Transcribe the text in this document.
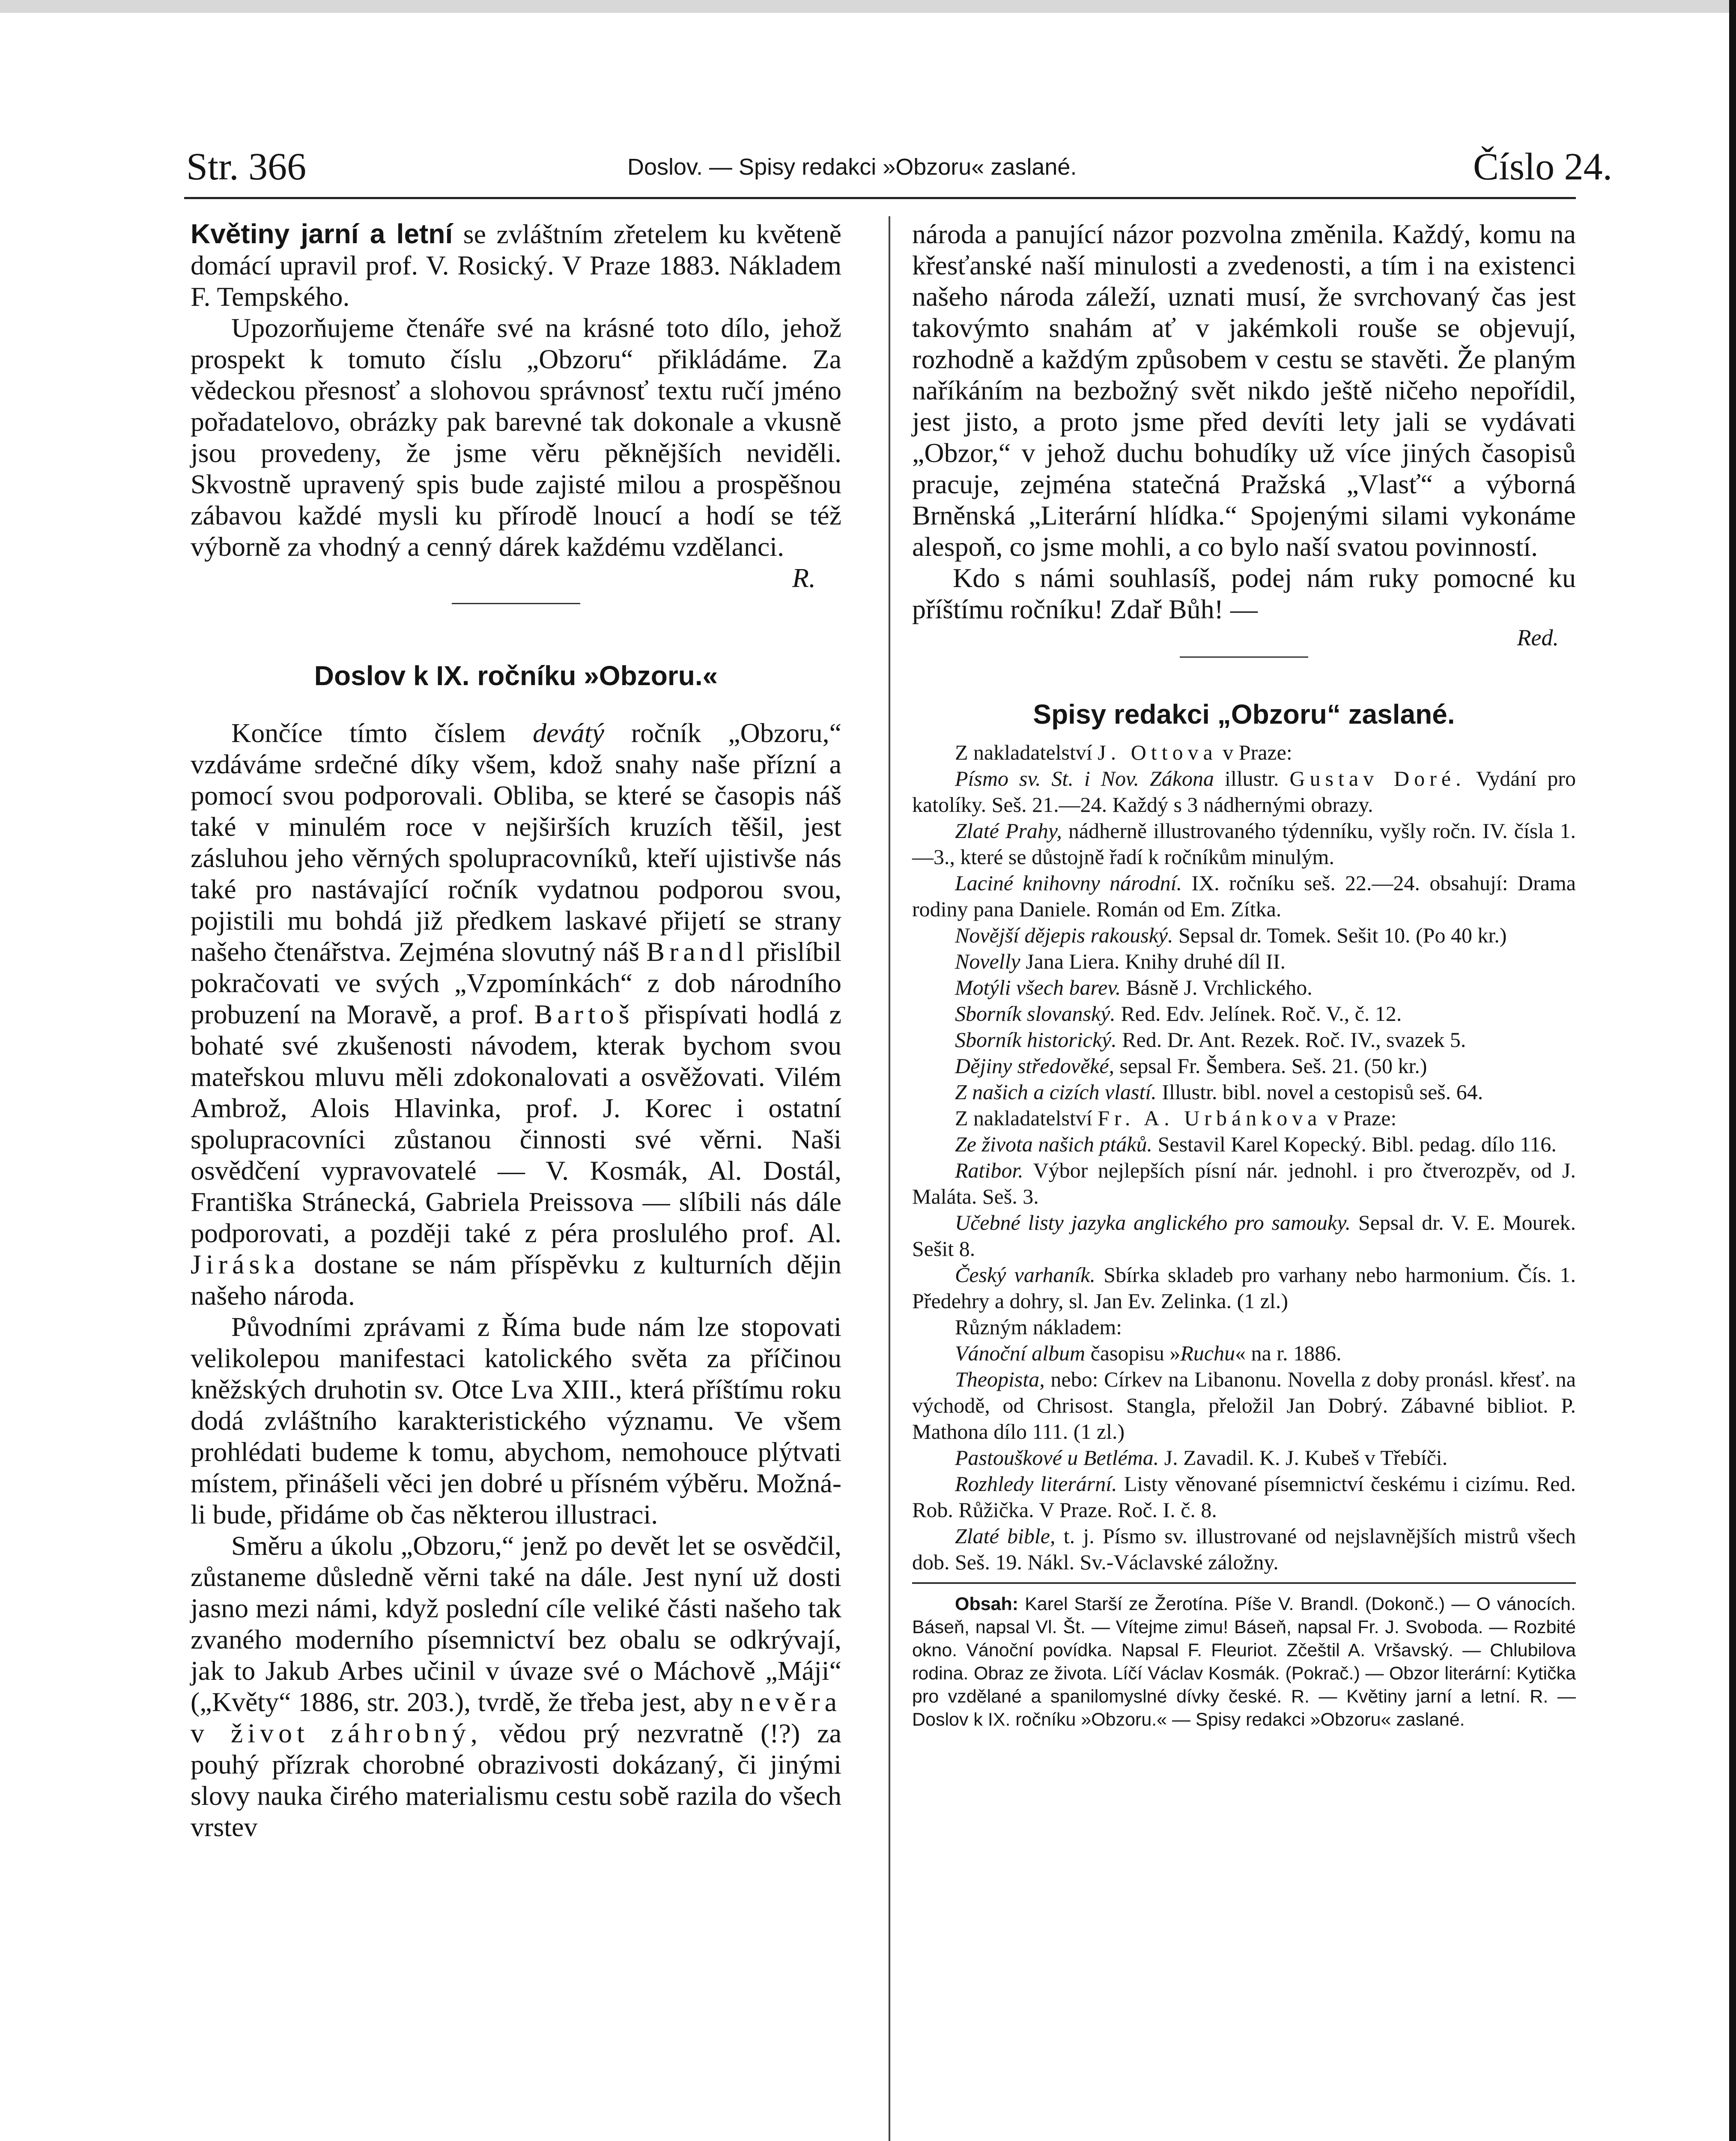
Str. 366	Doslov. — Spisy redakci »Obzoru« zaslané.	Číslo 24.

Květiny jarní a letní se zvláštním zřetelem ku květeně domácí upravil prof. V. Rosický. V Praze 1883. Nákladem F. Tempského.

Upozorňujeme čtenáře své na krásné toto dílo, jehož prospekt k tomuto číslu „Obzoru“ přikládáme. Za vědeckou přesnosť a slohovou správnosť textu ručí jméno pořadatelovo, obrázky pak barevné tak dokonale a vkusně jsou provedeny, že jsme věru pěknějších neviděli. Skvostně upravený spis bude zajisté milou a prospěšnou zábavou každé mysli ku přírodě lnoucí a hodí se též výborně za vhodný a cenný dárek každému vzdělanci.

R.

Doslov k IX. ročníku »Obzoru.«

Končíce tímto číslem devátý ročník „Obzoru,“ vzdáváme srdečné díky všem, kdož snahy naše přízní a pomocí svou podporovali. Obliba, se které se časopis náš také v minulém roce v nejširších kruzích těšil, jest zásluhou jeho věrných spolupracovníků, kteří ujistivše nás také pro nastávající ročník vydatnou podporou svou, pojistili mu bohdá již předkem laskavé přijetí se strany našeho čtenářstva. Zejména slovutný náš Brandl přislíbil pokračovati ve svých „Vzpomínkách“ z dob národního probuzení na Moravě, a prof. Bartoš přispívati hodlá z bohaté své zkušenosti návodem, kterak bychom svou mateřskou mluvu měli zdokonalovati a osvěžovati. Vilém Ambrož, Alois Hlavinka, prof. J. Korec i ostatní spolupracovníci zůstanou činnosti své věrni. Naši osvědčení vypravovatelé — V. Kosmák, Al. Dostál, Františka Stránecká, Gabriela Preissova — slíbili nás dále podporovati, a později také z péra proslulého prof. Al. Jiráska dostane se nám příspěvku z kulturních dějin našeho národa.

Původními zprávami z Říma bude nám lze stopovati velikolepou manifestaci katolického světa za příčinou kněžských druhotin sv. Otce Lva XIII., která příštímu roku dodá zvláštního karakteristického významu. Ve všem prohlédati budeme k tomu, abychom, nemohouce plýtvati místem, přinášeli věci jen dobré u přísném výběru. Možná-li bude, přidáme ob čas některou illustraci.

Směru a úkolu „Obzoru,“ jenž po devět let se osvědčil, zůstaneme důsledně věrni také na dále. Jest nyní už dosti jasno mezi námi, když poslední cíle veliké části našeho tak zvaného moderního písemnictví bez obalu se odkrývají, jak to Jakub Arbes učinil v úvaze své o Máchově „Máji“ („Květy“ 1886, str. 203.), tvrdě, že třeba jest, aby nevěra v život záhrobný, vědou prý nezvratně (!?) za pouhý přízrak chorobné obrazivosti dokázaný, či jinými slovy nauka čirého materialismu cestu sobě razila do všech vrstev

národa a panující názor pozvolna změnila. Každý, komu na křesťanské naší minulosti a zvedenosti, a tím i na existenci našeho národa záleží, uznati musí, že svrchovaný čas jest takovýmto snahám ať v jakémkoli rouše se objevují, rozhodně a každým způsobem v cestu se stavěti. Že planým naříkáním na bezbožný svět nikdo ještě ničeho nepořídil, jest jisto, a proto jsme před devíti lety jali se vydávati „Obzor,“ v jehož duchu bohudíky už více jiných časopisů pracuje, zejména statečná Pražská „Vlasť“ a výborná Brněnská „Literární hlídka.“ Spojenými silami vykonáme alespoň, co jsme mohli, a co bylo naší svatou povinností.

Kdo s námi souhlasíš, podej nám ruky pomocné ku příštímu ročníku! Zdař Bůh! —

Red.

Spisy redakci „Obzoru“ zaslané.

Z nakladatelství J. Ottova v Praze:

Písmo sv. St. i Nov. Zákona illustr. Gustav Doré. Vydání pro katolíky. Seš. 21.—24. Každý s 3 nádhernými obrazy.

Zlaté Prahy, nádherně illustrovaného týdenníku, vyšly ročn. IV. čísla 1.—3., které se důstojně řadí k ročníkům minulým.

Laciné knihovny národní. IX. ročníku seš. 22.—24. obsahují: Drama rodiny pana Daniele. Román od Em. Zítka.

Novější dějepis rakouský. Sepsal dr. Tomek. Sešit 10. (Po 40 kr.)

Novelly Jana Liera. Knihy druhé díl II.

Motýli všech barev. Básně J. Vrchlického.

Sborník slovanský. Red. Edv. Jelínek. Roč. V., č. 12.

Sborník historický. Red. Dr. Ant. Rezek. Roč. IV., svazek 5.

Dějiny středověké, sepsal Fr. Šembera. Seš. 21. (50 kr.)

Z našich a cizích vlastí. Illustr. bibl. novel a cestopisů seš. 64.

Z nakladatelství Fr. A. Urbánkova v Praze:

Ze života našich ptáků. Sestavil Karel Kopecký. Bibl. pedag. dílo 116.

Ratibor. Výbor nejlepších písní nár. jednohl. i pro čtverozpěv, od J. Maláta. Seš. 3.

Učebné listy jazyka anglického pro samouky. Sepsal dr. V. E. Mourek. Sešit 8.

Český varhaník. Sbírka skladeb pro varhany nebo harmonium. Čís. 1. Předehry a dohry, sl. Jan Ev. Zelinka. (1 zl.)

Různým nákladem:

Vánoční album časopisu »Ruchu« na r. 1886.

Theopista, nebo: Církev na Libanonu. Novella z doby pronásl. křesť. na východě, od Chrisost. Stangla, přeložil Jan Dobrý. Zábavné bibliot. P. Mathona dílo 111. (1 zl.)

Pastouškové u Betléma. J. Zavadil. K. J. Kubeš v Třebíči.

Rozhledy literární. Listy věnované písemnictví českému i cizímu. Red. Rob. Růžička. V Praze. Roč. I. č. 8.

Zlaté bible, t. j. Písmo sv. illustrované od nejslavnějších mistrů všech dob. Seš. 19. Nákl. Sv.-Václavské záložny.

Obsah: Karel Starší ze Žerotína. Píše V. Brandl. (Dokonč.) — O vánocích. Báseň, napsal Vl. Št. — Vítejme zimu! Báseň, napsal Fr. J. Svoboda. — Rozbité okno. Vánoční povídka. Napsal F. Fleuriot. Zčeštil A. Vršavský. — Chlubilova rodina. Obraz ze života. Líčí Václav Kosmák. (Pokrač.) — Obzor literární: Kytička pro vzdělané a spanilomyslné dívky české. R. — Květiny jarní a letní. R. — Doslov k IX. ročníku »Obzoru.« — Spisy redakci »Obzoru« zaslané.
